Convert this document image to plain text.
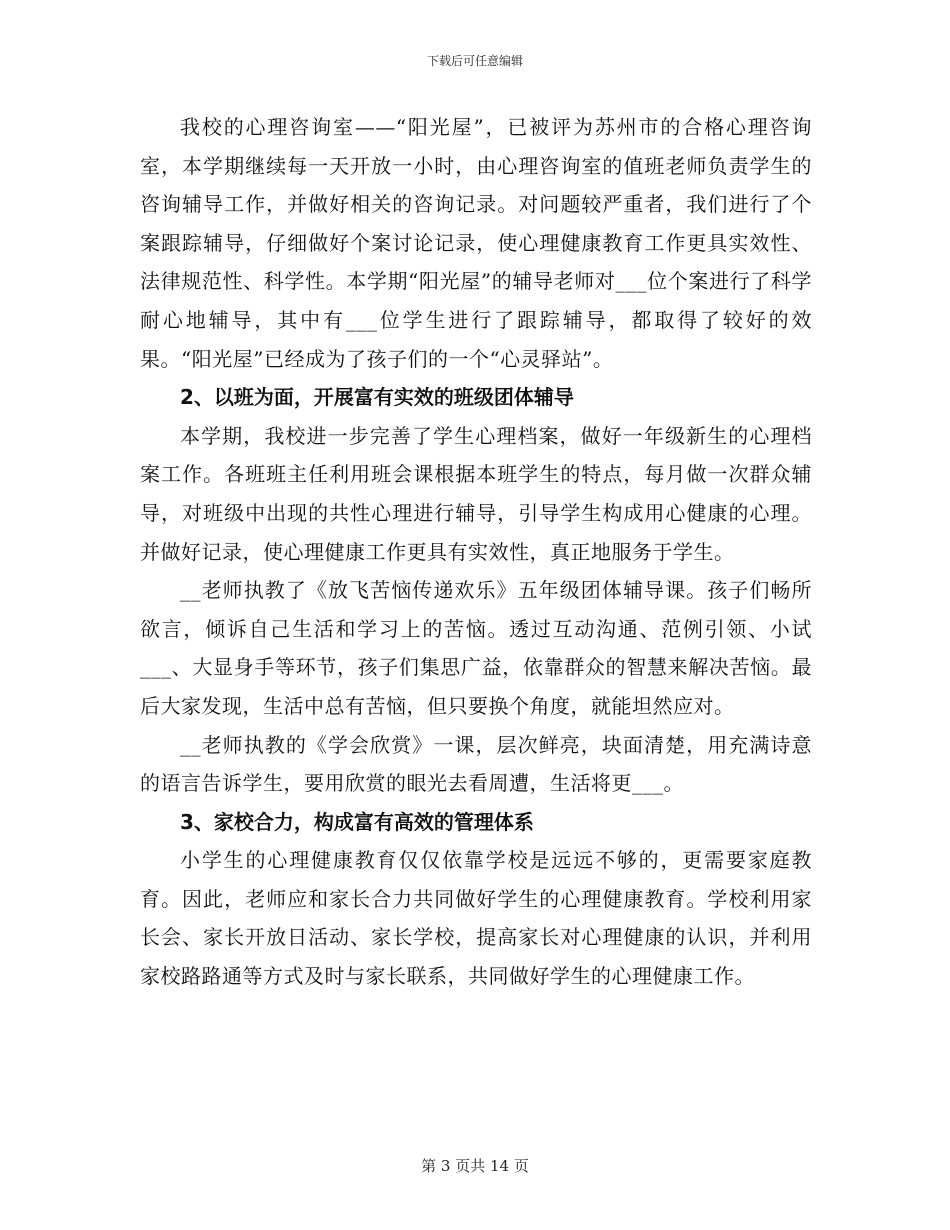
下载后可任意编辑

我校的心理咨询室——“阳光屋”，已被评为苏州市的合格心理咨询室，本学期继续每一天开放一小时，由心理咨询室的值班老师负责学生的咨询辅导工作，并做好相关的咨询记录。对问题较严重者，我们进行了个案跟踪辅导，仔细做好个案讨论记录，使心理健康教育工作更具实效性、法律规范性、科学性。本学期“阳光屋”的辅导老师对___位个案进行了科学耐心地辅导，其中有___位学生进行了跟踪辅导，都取得了较好的效果。“阳光屋”已经成为了孩子们的一个“心灵驿站”。

2、以班为面，开展富有实效的班级团体辅导

本学期，我校进一步完善了学生心理档案，做好一年级新生的心理档案工作。各班班主任利用班会课根据本班学生的特点，每月做一次群众辅导，对班级中出现的共性心理进行辅导，引导学生构成用心健康的心理。并做好记录，使心理健康工作更具有实效性，真正地服务于学生。

__老师执教了《放飞苦恼传递欢乐》五年级团体辅导课。孩子们畅所欲言，倾诉自己生活和学习上的苦恼。透过互动沟通、范例引领、小试___、大显身手等环节，孩子们集思广益，依靠群众的智慧来解决苦恼。最后大家发现，生活中总有苦恼，但只要换个角度，就能坦然应对。

__老师执教的《学会欣赏》一课，层次鲜亮，块面清楚，用充满诗意的语言告诉学生，要用欣赏的眼光去看周遭，生活将更___。

3、家校合力，构成富有高效的管理体系

小学生的心理健康教育仅仅依靠学校是远远不够的，更需要家庭教育。因此，老师应和家长合力共同做好学生的心理健康教育。学校利用家长会、家长开放日活动、家长学校，提高家长对心理健康的认识，并利用家校路路通等方式及时与家长联系，共同做好学生的心理健康工作。

第 3 页共 14 页
